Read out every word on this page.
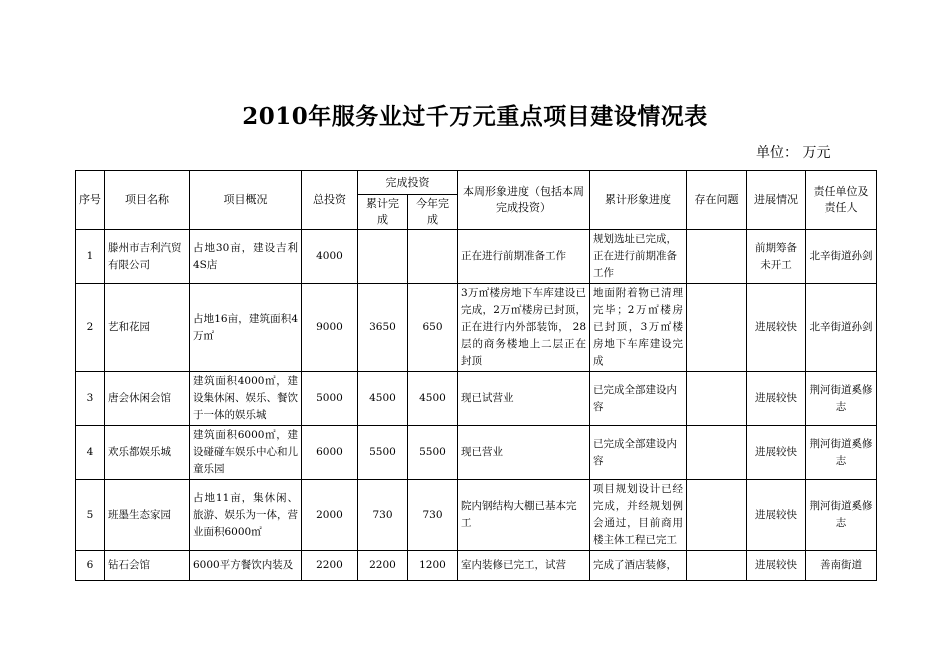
2010年服务业过千万元重点项目建设情况表
单位： 万元
序号	项目名称	项目概况	总投资	完成投资		本周形象进度（包括本周完成投资）	累计形象进度	存在问题	进展情况	责任单位及责任人
				累计完成	今年完成					
1	滕州市吉利汽贸有限公司	占地30亩，建设吉利4S店	4000			正在进行前期准备工作	规划选址已完成，正在进行前期准备工作		前期筹备未开工	北辛街道孙剑
2	艺和花园	占地16亩，建筑面积4万㎡	9000	3650	650	3万㎡楼房地下车库建设已完成，2万㎡楼房已封顶，正在进行内外部装饰， 28层的商务楼地上二层正在封顶	地面附着物已清理完毕；2万㎡楼房已封顶，3万㎡楼房地下车库建设完成		进展较快	北辛街道孙剑
3	唐会休闲会馆	建筑面积4000㎡，建设集休闲、娱乐、餐饮于一体的娱乐城	5000	4500	4500	现已试营业	已完成全部建设内容		进展较快	荆河街道奚修志
4	欢乐都娱乐城	建筑面积6000㎡，建设碰碰车娱乐中心和儿童乐园	6000	5500	5500	现已营业	已完成全部建设内容		进展较快	荆河街道奚修志
5	班墨生态家园	占地11亩，集休闲、旅游、娱乐为一体，营业面积6000㎡	2000	730	730	院内钢结构大棚已基本完工	项目规划设计已经完成，并经规划例会通过，目前商用楼主体工程已完工		进展较快	荆河街道奚修志
6	钻石会馆	6000平方餐饮内装及	2200	2200	1200	室内装修已完工，试营	完成了酒店装修，		进展较快	善南街道
